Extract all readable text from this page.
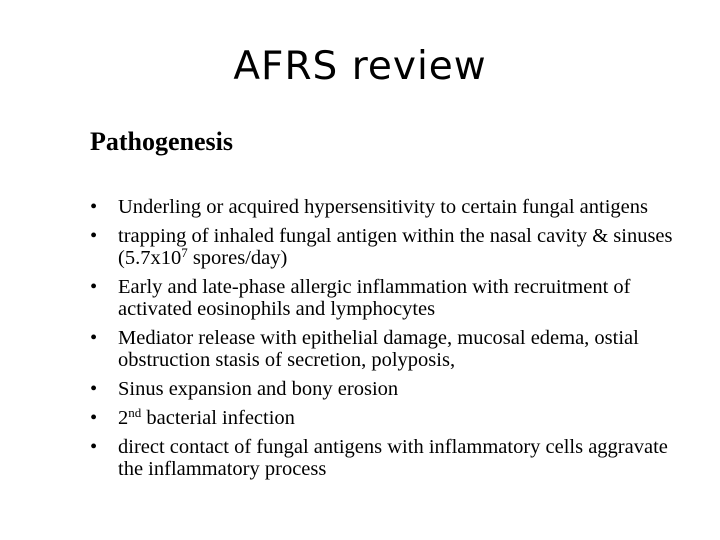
AFRS review
Pathogenesis
• Underling or acquired hypersensitivity to certain fungal antigens
• trapping of inhaled fungal antigen within the nasal cavity & sinuses ($5.7x10^7$ spores/day)
• Early and late-phase allergic inflammation with recruitment of activated eosinophils and lymphocytes
• Mediator release with epithelial damage, mucosal edema, ostial obstruction stasis of secretion, polyposis,
• Sinus expansion and bony erosion
• 2nd bacterial infection
• direct contact of fungal antigens with inflammatory cells aggravate the inflammatory process
